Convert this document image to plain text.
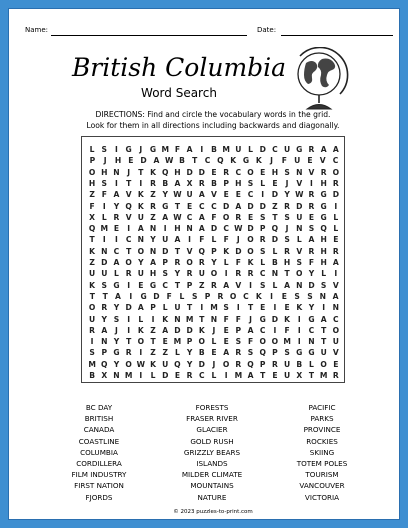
Name:	Date:
British Columbia
Word Search
DIRECTIONS: Find and circle the vocabulary words in the grid.
Look for them in all directions including backwards and diagonally.
L S	I	G	J	G M F A	I	B M U L D C U G R A A
P	J	H E D A W B T C Q K G K	J	F U E V C
O H N J	T K Q H D D E R C O E H S N V R O
H S	I	T	I	R B A X R B P H S L E	J	V	I H R
Z F A V K Z Y W U A V E E C	I	D Y W R G D
F	I	Y Q K R G T E C C D A D D Z R D R G	I
X L R V U Z A W C A F O R E S T S U E G L
Q M E	I	A N I H N A D C W D P Q J N S Q L
T	I	I	C N Y U A	I	F L F	J O R D S L A H E
K N C T O N D T V Q P K D O S L R V R H R
Z D A O Y A P R O R Y L F K L B H S F H A
U U L R U H S Y R U O I	R R C N T O Y L	I
K S G	I	E G C T P Z R A V	I	S L A N D S V
T	T A	I	G D F	L	S P R O C K	I	E S S N A
O R Y D A P L U T	I M S	I	T E	I	E K Y	I N
U Y S	I	L	I	K N M T N F F	J	G D K	I	G A C
R A	J	I	K Z A D D K	J	E P A C	I	F	I	C T O
I N Y T O T E M P O L E S F O O M I N T U
S P G R	I	Z Z L Y B E A R S Q P S G G U V
M Q Y O W K U Q Y D	J O R Q P R U B L O E
B X N M I	L D E R C L	I M A T E U X T M R
BC DAY
BRITISH
CANADA
COASTLINE
COLUMBIA
CORDILLERA
FILM INDUSTRY
FIRST NATION
FJORDS
FORESTS
FRASER RIVER
GLACIER
GOLD RUSH
GRIZZLY BEARS
ISLANDS
MILDER CLIMATE
MOUNTAINS
NATURE
PACIFIC
PARKS
PROVINCE
ROCKIES
SKIING
TOTEM POLES
TOURISM
VANCOUVER
VICTORIA
© 2023 puzzles-to-print.com
